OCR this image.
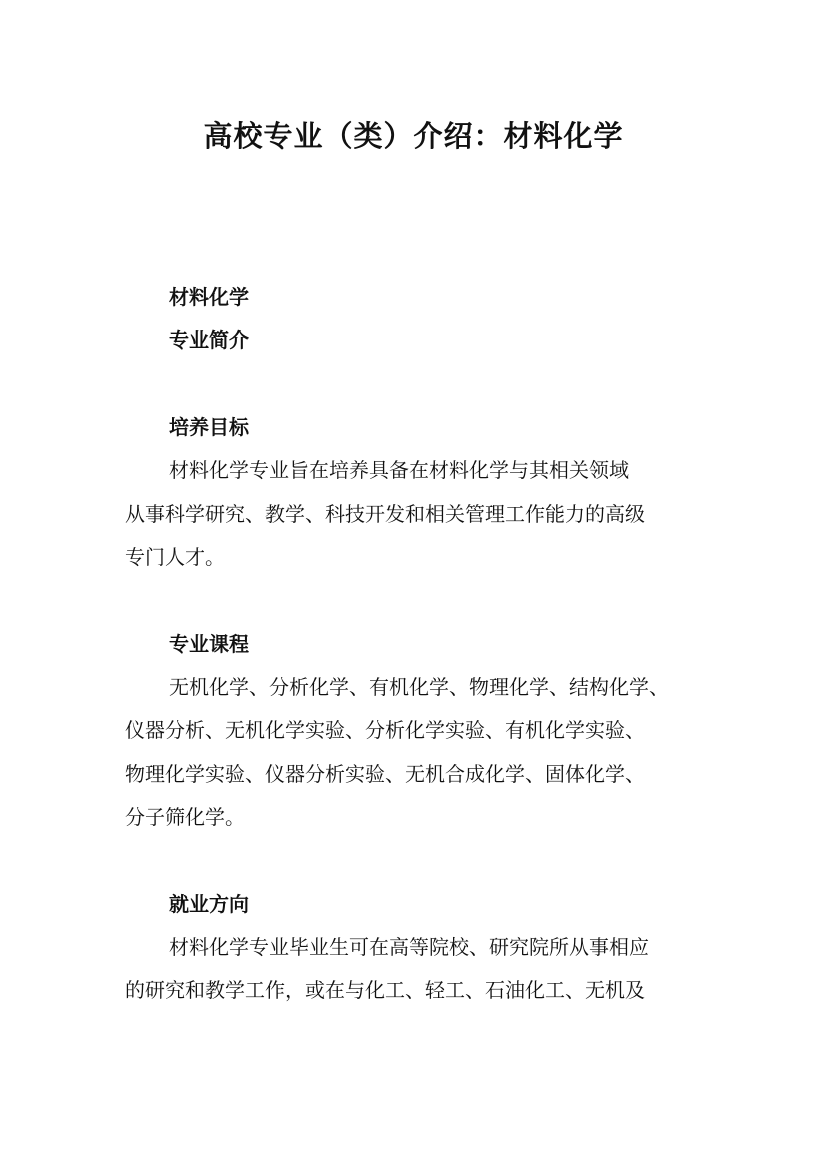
高校专业（类）介绍：材料化学

材料化学

专业简介

培养目标

材料化学专业旨在培养具备在材料化学与其相关领域

从事科学研究、教学、科技开发和相关管理工作能力的高级

专门人才。

专业课程

无机化学、分析化学、有机化学、物理化学、结构化学、

仪器分析、无机化学实验、分析化学实验、有机化学实验、

物理化学实验、仪器分析实验、无机合成化学、固体化学、

分子筛化学。

就业方向

材料化学专业毕业生可在高等院校、研究院所从事相应

的研究和教学工作，或在与化工、轻工、石油化工、无机及
